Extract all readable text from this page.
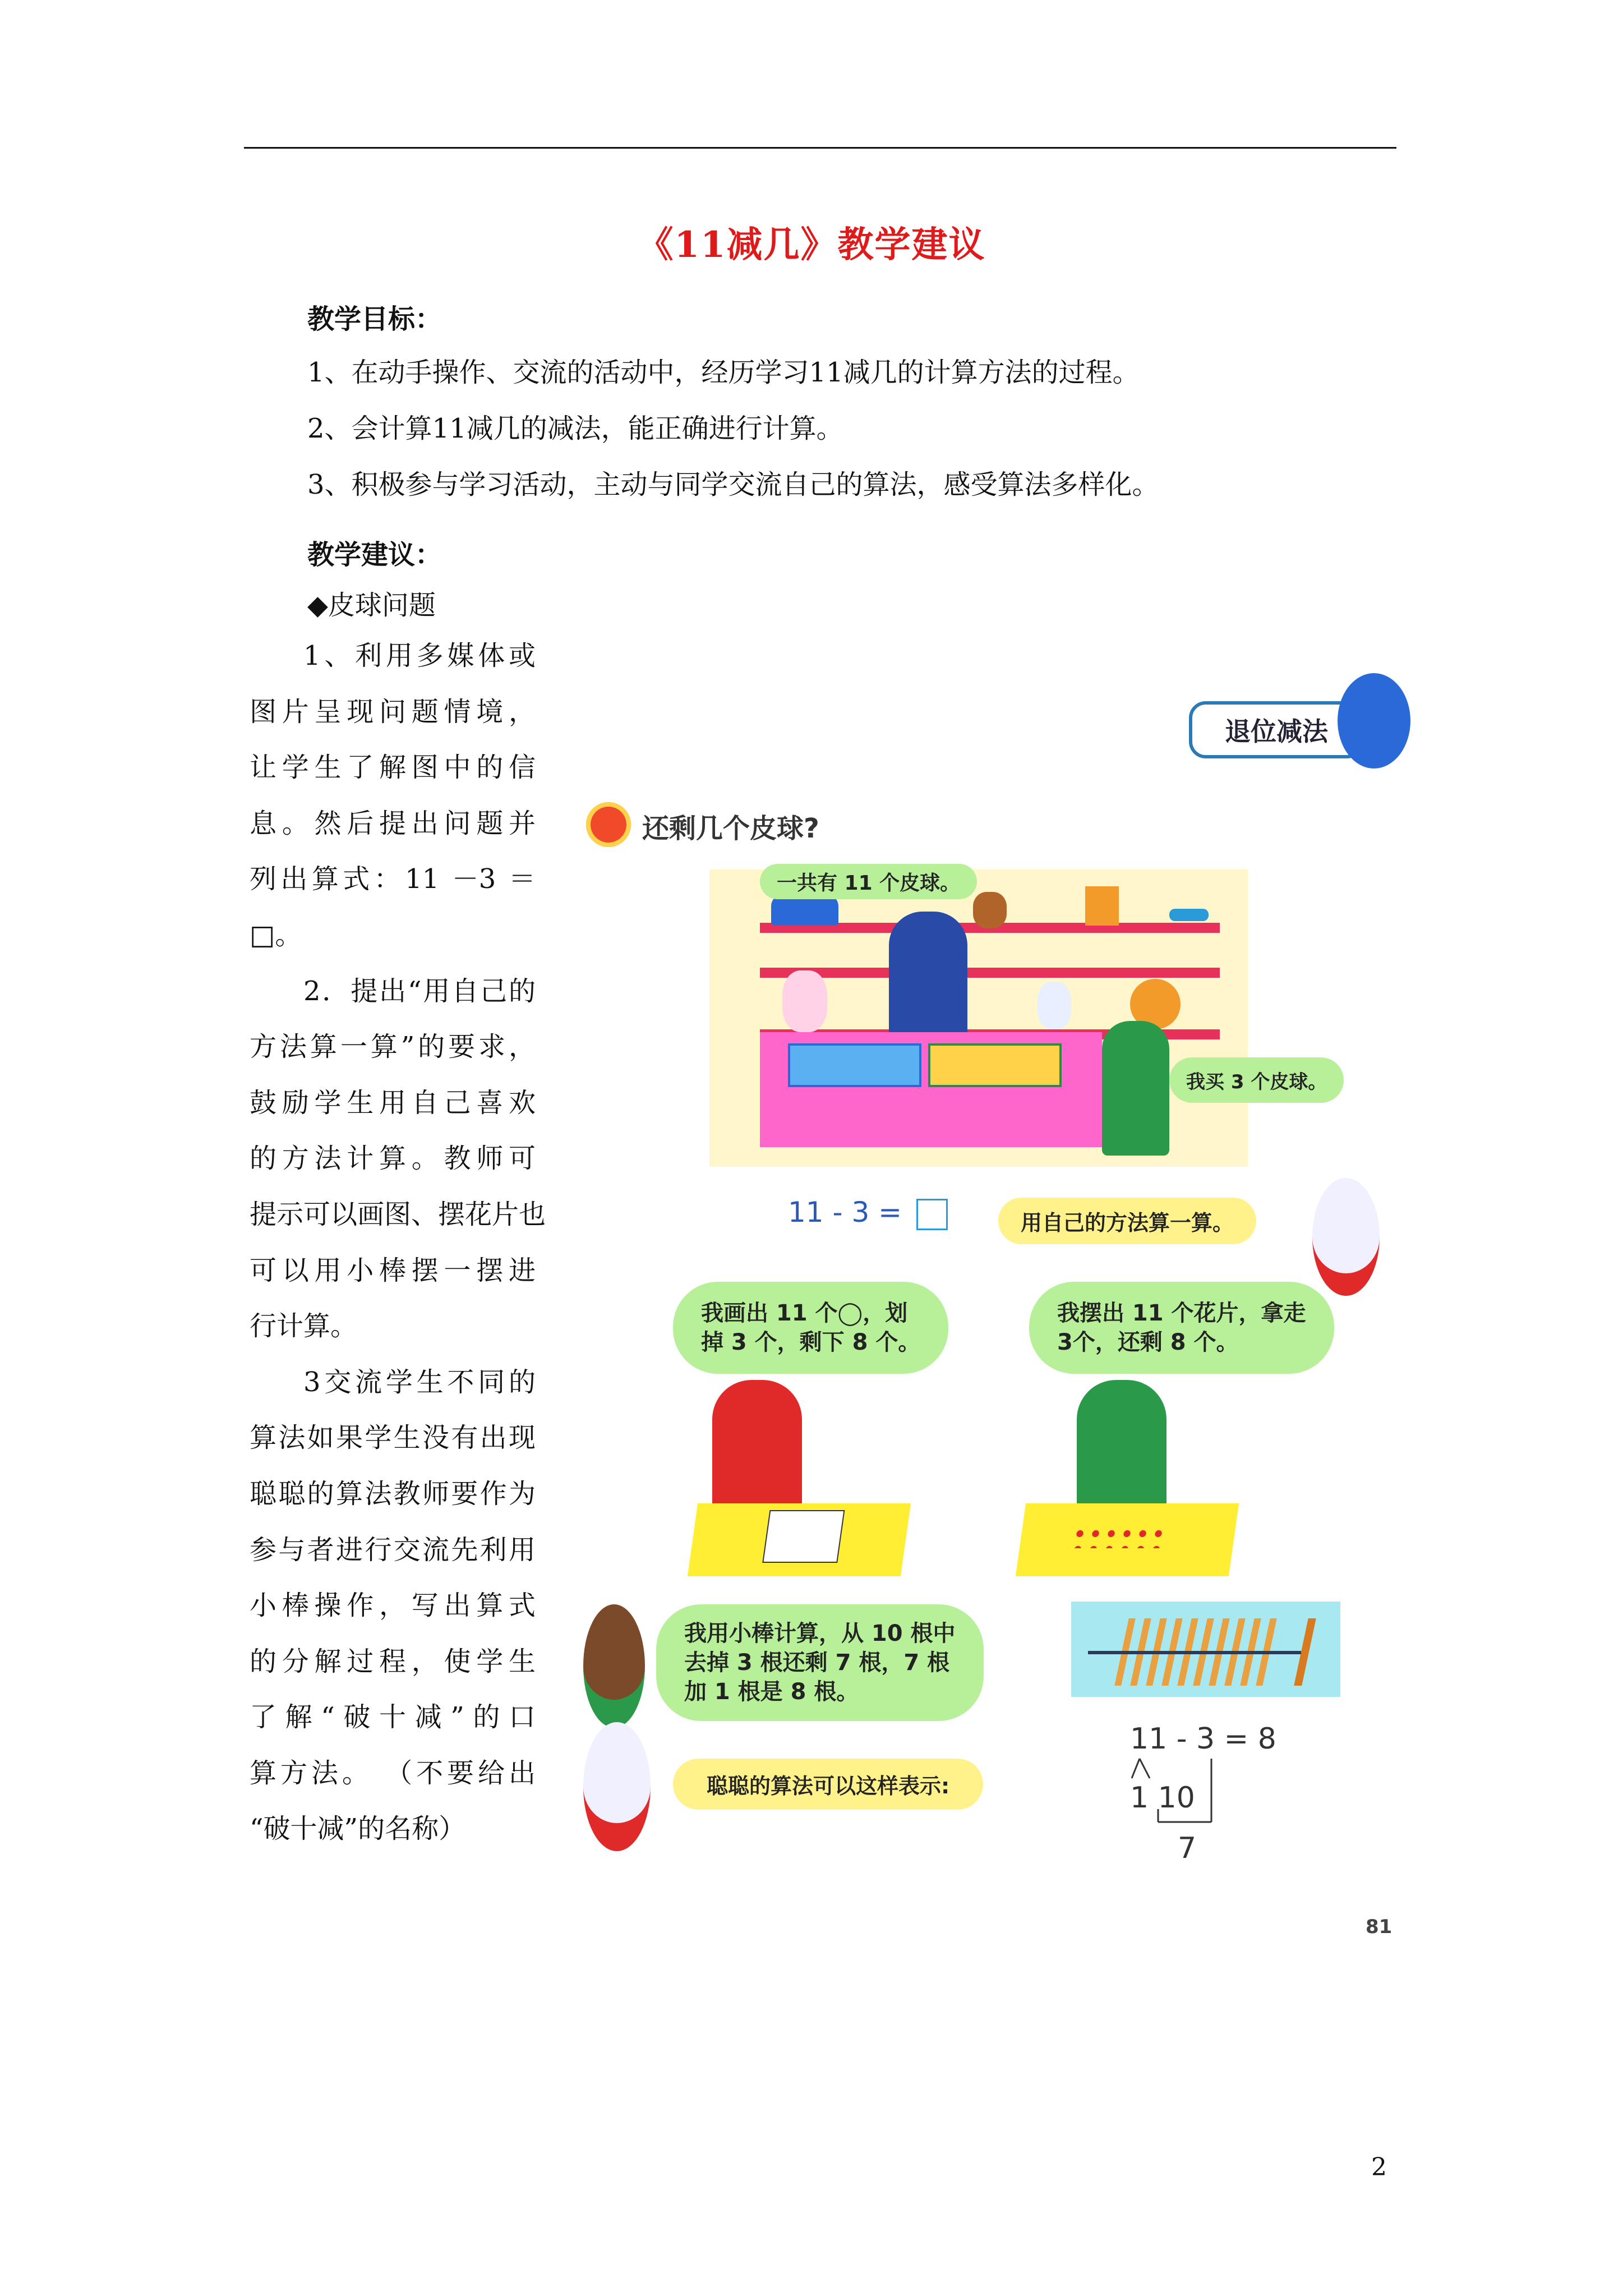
《11减几》教学建议
教学目标：
1、在动手操作、交流的活动中，经历学习11减几的计算方法的过程。
2、会计算11减几的减法，能正确进行计算。
3、积极参与学习活动，主动与同学交流自己的算法，感受算法多样化。
教学建议：
◆皮球问题

1、利用多媒体或

图片呈现问题情境，

让学生了解图中的信

息。然后提出问题并

列出算式：11 －3 ＝

□。

2．提出“用自己的

方法算一算”的要求，

鼓励学生用自己喜欢

的方法计算。教师可

提示可以画图、摆花片也

可以用小棒摆一摆进

行计算。

3交流学生不同的

算法如果学生没有出现

聪聪的算法教师要作为

参与者进行交流先利用

小棒操作，写出算式

的分解过程，使学生

了解“破十减”的口

算方法。 （不要给出

“破十减”的名称）

退位减法
还剩几个皮球?
一共有 11 个皮球。
我买 3 个皮球。
11 - 3 =	用自己的方法算一算。
我画出 11 个◯，划
掉 3 个，剩下 8 个。
我摆出 11 个花片，拿走
3个，还剩 8 个。
我用小棒计算，从 10 根中
去掉 3 根还剩 7 根，7 根
加 1 根是 8 根。
聪聪的算法可以这样表示:
11 - 3 = 8
1 10
7
81
2
